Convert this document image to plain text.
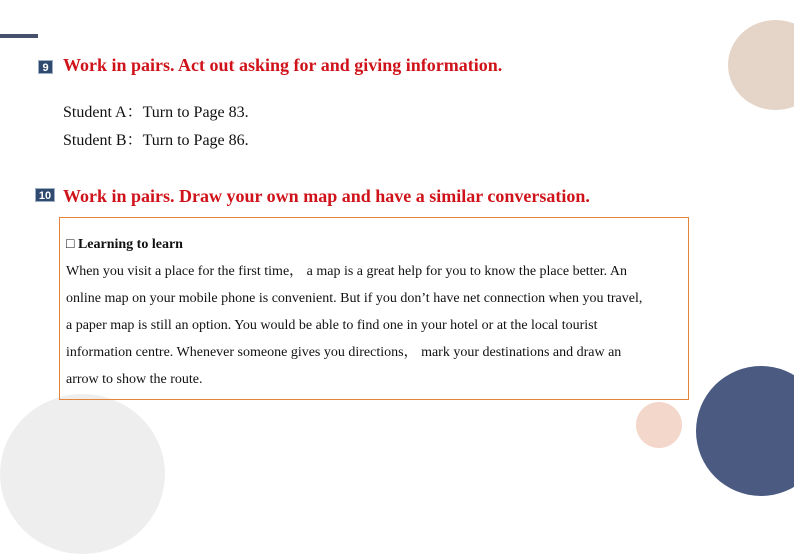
9 Work in pairs. Act out asking for and giving information.
Student A：Turn to Page 83.
Student B：Turn to Page 86.
10 Work in pairs. Draw your own map and have a similar conversation.
□ Learning to learn
When you visit a place for the first time， a map is a great help for you to know the place better. An
online map on your mobile phone is convenient. But if you don’t have net connection when you travel,
a paper map is still an option. You would be able to find one in your hotel or at the local tourist
information centre. Whenever someone gives you directions， mark your destinations and draw an
arrow to show the route.
